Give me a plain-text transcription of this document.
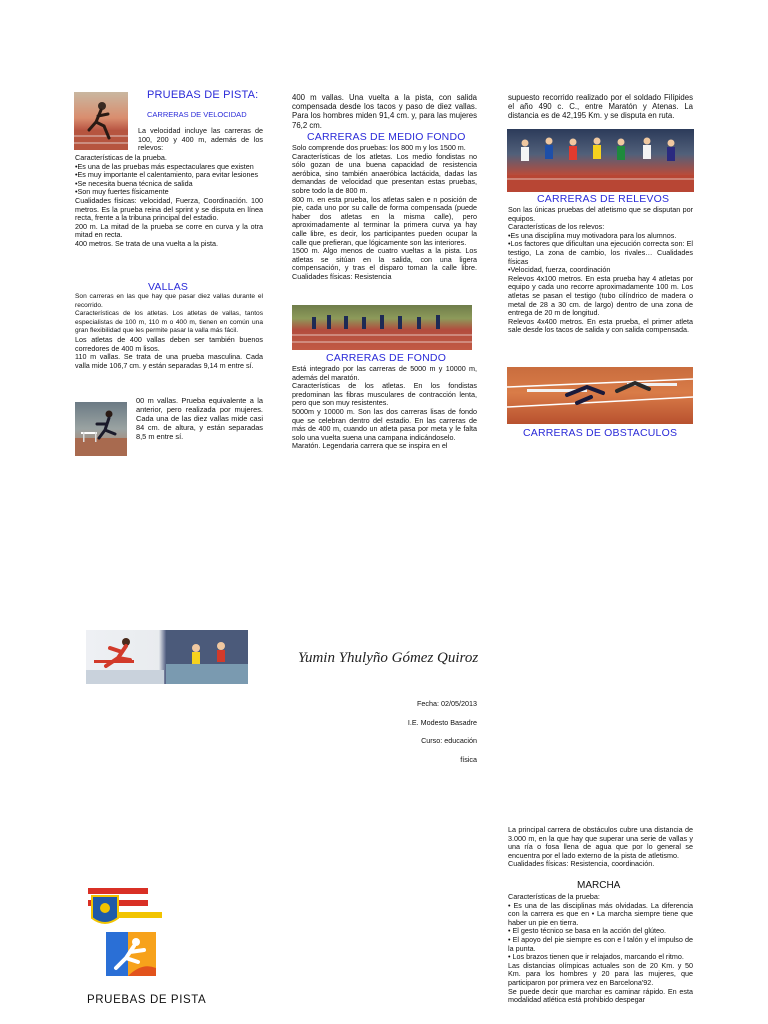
PRUEBAS DE PISTA:
CARRERAS DE VELOCIDAD
La velocidad incluye las carreras de 100, 200 y 400 m, además de los relevos:

Características de la prueba.

•Es una de las pruebas más espectaculares que existen

•Es muy importante el calentamiento, para evitar lesiones

•Se necesita buena técnica de salida

•Son muy fuertes físicamente

Cualidades físicas: velocidad, Fuerza, Coordinación. 100 metros. Es la prueba reina del sprint y se disputa en línea recta, frente a la tribuna principal del estadio.

200 m. La mitad de la prueba se corre en curva y la otra mitad en recta.

400 metros. Se trata de una vuelta a la pista.

VALLAS

Son carreras en las que hay que pasar diez vallas durante el recorrido.

Características de los atletas. Los atletas de vallas, tantos especialistas de 100 m, 110 m o 400 m, tienen en común una gran flexibilidad que les permite pasar la valla más fácil.

Los atletas de 400 vallas deben ser también buenos corredores de 400 m lisos.

110 m vallas. Se trata de una prueba masculina. Cada valla mide 106,7 cm. y están separadas 9,14 m entre sí.

00 m vallas. Prueba equivalente a la anterior, pero realizada por mujeres. Cada una de las diez vallas mide casi 84 cm. de altura, y están separadas 8,5 m entre sí.
400 m vallas. Una vuelta a la pista, con salida compensada desde los tacos y paso de diez vallas. Para los hombres miden 91,4 cm. y, para las mujeres 76,2 cm.
CARRERAS DE MEDIO FONDO

Solo comprende dos pruebas: los 800 m y los 1500 m.

Características de los atletas. Los medio fondistas no sólo gozan de una buena capacidad de resistencia aeróbica, sino también anaeróbica lactácida, dadas las demandas de velocidad que presentan estas pruebas, sobre todo la de 800 m.

800 m. en esta prueba, los atletas salen e n posición de pie, cada uno por su calle de forma compensada (puede haber dos atletas en la misma calle), pero aproximadamente al terminar la primera curva ya hay calle libre, es decir, los participantes pueden ocupar la calle que prefieran, que lógicamente son las interiores.

1500 m. Algo menos de cuatro vueltas a la pista. Los atletas se sitúan en la salida, con una ligera compensación, y tras el disparo toman la calle libre. Cualidades físicas: Resistencia

CARRERAS DE FONDO

Está integrado por las carreras de 5000 m y 10000 m, además del maratón.

Características de los atletas. En los fondistas predominan las fibras musculares de contracción lenta, pero que son muy resistentes.

5000m y 10000 m. Son las dos carreras lisas de fondo que se celebran dentro del estadio. En las carreras de más de 400 m, cuando un atleta pasa por meta y le falta solo una vuelta suena una campana indicándoselo.

Maratón. Legendaria carrera que se inspira en el

supuesto recorrido realizado por el soldado Filípides el año 490 c. C., entre Maratón y Atenas. La distancia es de 42,195 Km. y se disputa en ruta.
CARRERAS DE RELEVOS

Son las únicas pruebas del atletismo que se disputan por equipos.

Características de los relevos:

•Es una disciplina muy motivadora para los alumnos.

•Los factores que dificultan una ejecución correcta son: El testigo, La zona de cambio, los rivales… Cualidades físicas

•Velocidad, fuerza, coordinación

Relevos 4x100 metros. En esta prueba hay 4 atletas por equipo y cada uno recorre aproximadamente 100 m. Los atletas se pasan el testigo (tubo cilíndrico de madera o metal de 28 a 30 cm. de largo) dentro de una zona de entrega de 20 m de longitud.

Relevos 4x400 metros. En esta prueba, el primer atleta sale desde los tacos de salida y con salida compensada.

CARRERAS DE OBSTACULOS
Yumin Yhulyño Gómez Quiroz
Fecha: 02/05/2013
I.E. Modesto Basadre
Curso: educación
física

La principal carrera de obstáculos cubre una distancia de 3.000 m, en la que hay que superar una serie de vallas y una ría o fosa llena de agua que por lo general se encuentra por el lado externo de la pista de atletismo.

Cualidades físicas: Resistencia, coordinación.

MARCHA

Características de la prueba:

• Es una de las disciplinas más olvidadas. La diferencia con la carrera es que en • La marcha siempre tiene que haber un pie en tierra.

• El gesto técnico se basa en la acción del glúteo.

• El apoyo del pie siempre es con e l talón y el impulso de la punta.

• Los brazos tienen que ir relajados, marcando el ritmo.

Las distancias olímpicas actuales son de 20 Km. y 50 Km. para los hombres y 20 para las mujeres, que participaron por primera vez en Barcelona'92.

Se puede decir que marchar es caminar rápido. En esta modalidad atlética está prohibido despegar

PRUEBAS DE PISTA
